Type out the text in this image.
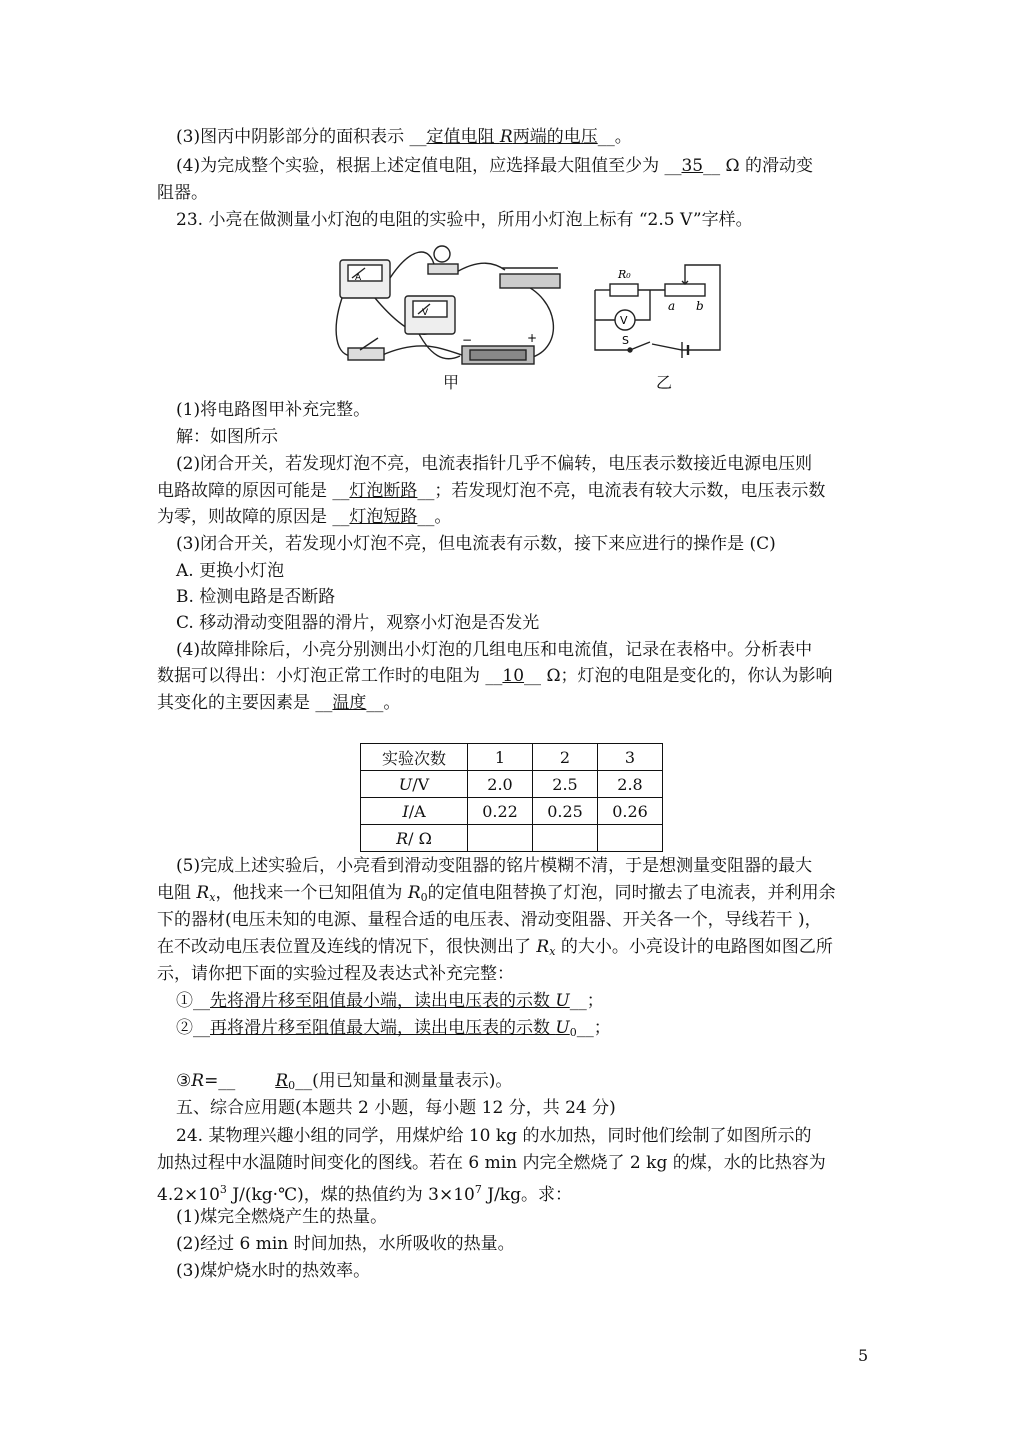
(3)图丙中阴影部分的面积表示 __定值电阻 R两端的电压__。
(4)为完成整个实验，根据上述定值电阻，应选择最大阻值至少为 __35__ Ω 的滑动变
阻器。
23. 小亮在做测量小灯泡的电阻的实验中，所用小灯泡上标有 “2.5 V”字样。
−	+
A
V
甲
R₀
a b
V
S
乙
(1)将电路图甲补充完整。
解：如图所示
(2)闭合开关，若发现灯泡不亮，电流表指针几乎不偏转，电压表示数接近电源电压则
电路故障的原因可能是 __灯泡断路__；若发现灯泡不亮，电流表有较大示数，电压表示数
为零，则故障的原因是 __灯泡短路__。
(3)闭合开关，若发现小灯泡不亮，但电流表有示数，接下来应进行的操作是 (C)
A. 更换小灯泡
B. 检测电路是否断路
C. 移动滑动变阻器的滑片，观察小灯泡是否发光
(4)故障排除后，小亮分别测出小灯泡的几组电压和电流值，记录在表格中。分析表中
数据可以得出：小灯泡正常工作时的电阻为 __10__ Ω；灯泡的电阻是变化的，你认为影响
其变化的主要因素是 __温度__。
实验次数	1	2	3
U/V	2.0	2.5	2.8
I/A	0.22	0.25	0.26
R/ Ω			
(5)完成上述实验后，小亮看到滑动变阻器的铭片模糊不清，于是想测量变阻器的最大
电阻 $R_x$，他找来一个已知阻值为 $R_0$的定值电阻替换了灯泡，同时撤去了电流表，并利用余
下的器材(电压未知的电源、量程合适的电压表、滑动变阻器、开关各一个，导线若干 )，
在不改动电压表位置及连线的情况下，很快测出了 $R_x$ 的大小。小亮设计的电路图如图乙所
示，请你把下面的实验过程及表达式补充完整：
①__先将滑片移至阻值最小端，读出电压表的示数 U__；
②__再将滑片移至阻值最大端，读出电压表的示数 $U_0\_\_$；
③R=__ $R_0\_\_$(用已知量和测量量表示)。
五、综合应用题(本题共 2 小题，每小题 12 分，共 24 分)
24. 某物理兴趣小组的同学，用煤炉给 10 kg 的水加热，同时他们绘制了如图所示的
加热过程中水温随时间变化的图线。若在 6 min 内完全燃烧了 2 kg 的煤，水的比热容为
$4.2\times 10^3$ J/(kg·℃)，煤的热值约为 $3\times 10^7$ J/kg。求：
(1)煤完全燃烧产生的热量。
(2)经过 6 min 时间加热，水所吸收的热量。
(3)煤炉烧水时的热效率。
5
